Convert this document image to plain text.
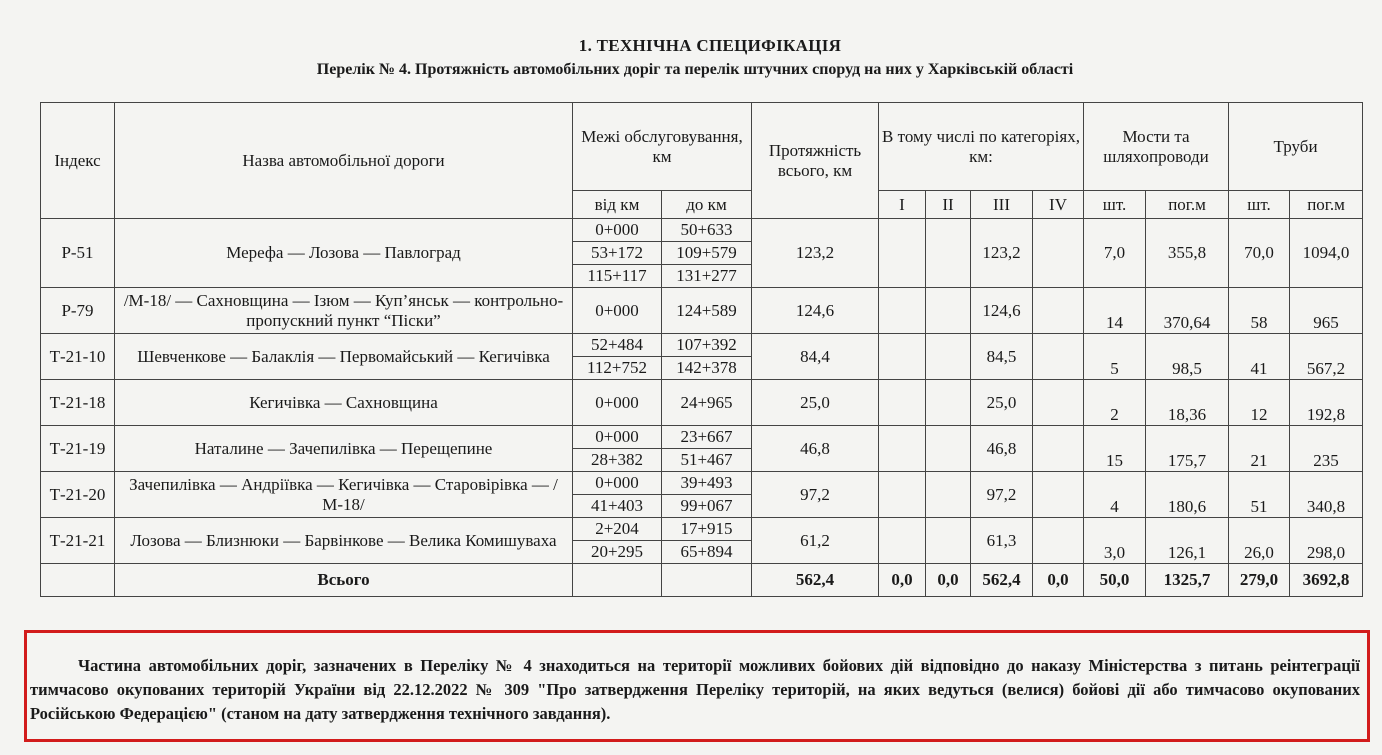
1. ТЕХНІЧНА СПЕЦИФІКАЦІЯ
Перелік № 4. Протяжність автомобільних доріг та перелік штучних споруд на них у Харківській області
Індекс	Назва автомобільної дороги	Межі обслуговування, км		Протяжність всього, км	В тому числі по категоріях, км:				Мости та шляхопроводи		Труби	
		від км	до км		I	II	III	IV	шт.	пог.м	шт.	пог.м
Р-51	Мерефа — Лозова — Павлоград	0+000	50+633	123,2			123,2		7,0	355,8	70,0	1094,0
		53+172	109+579									
		115+117	131+277									
Р-79	/М-18/ — Сахновщина — Ізюм — Куп’янськ — контрольно-пропускний пункт “Піски”	0+000	124+589	124,6			124,6		14	370,64	58	965
Т-21-10	Шевченкове — Балаклія — Первомайський — Кегичівка	52+484	107+392	84,4			84,5		5	98,5	41	567,2
		112+752	142+378									
Т-21-18	Кегичівка — Сахновщина	0+000	24+965	25,0			25,0		2	18,36	12	192,8
Т-21-19	Наталине — Зачепилівка — Перещепине	0+000	23+667	46,8			46,8		15	175,7	21	235
		28+382	51+467									
Т-21-20	Зачепилівка — Андріївка — Кегичівка — Старовірівка — /М-18/	0+000	39+493	97,2			97,2		4	180,6	51	340,8
		41+403	99+067									
Т-21-21	Лозова — Близнюки — Барвінкове — Велика Комишуваха	2+204	17+915	61,2			61,3		3,0	126,1	26,0	298,0
		20+295	65+894									
	Всього			562,4	0,0	0,0	562,4	0,0	50,0	1325,7	279,0	3692,8
Частина автомобільних доріг, зазначених в Переліку № 4 знаходиться на території можливих бойових дій відповідно до наказу Міністерства з питань реінтеграції тимчасово окупованих територій України від 22.12.2022 № 309 "Про затвердження Переліку територій, на яких ведуться (велися) бойові дії або тимчасово окупованих Російською Федерацією" (станом на дату затвердження технічного завдання).
